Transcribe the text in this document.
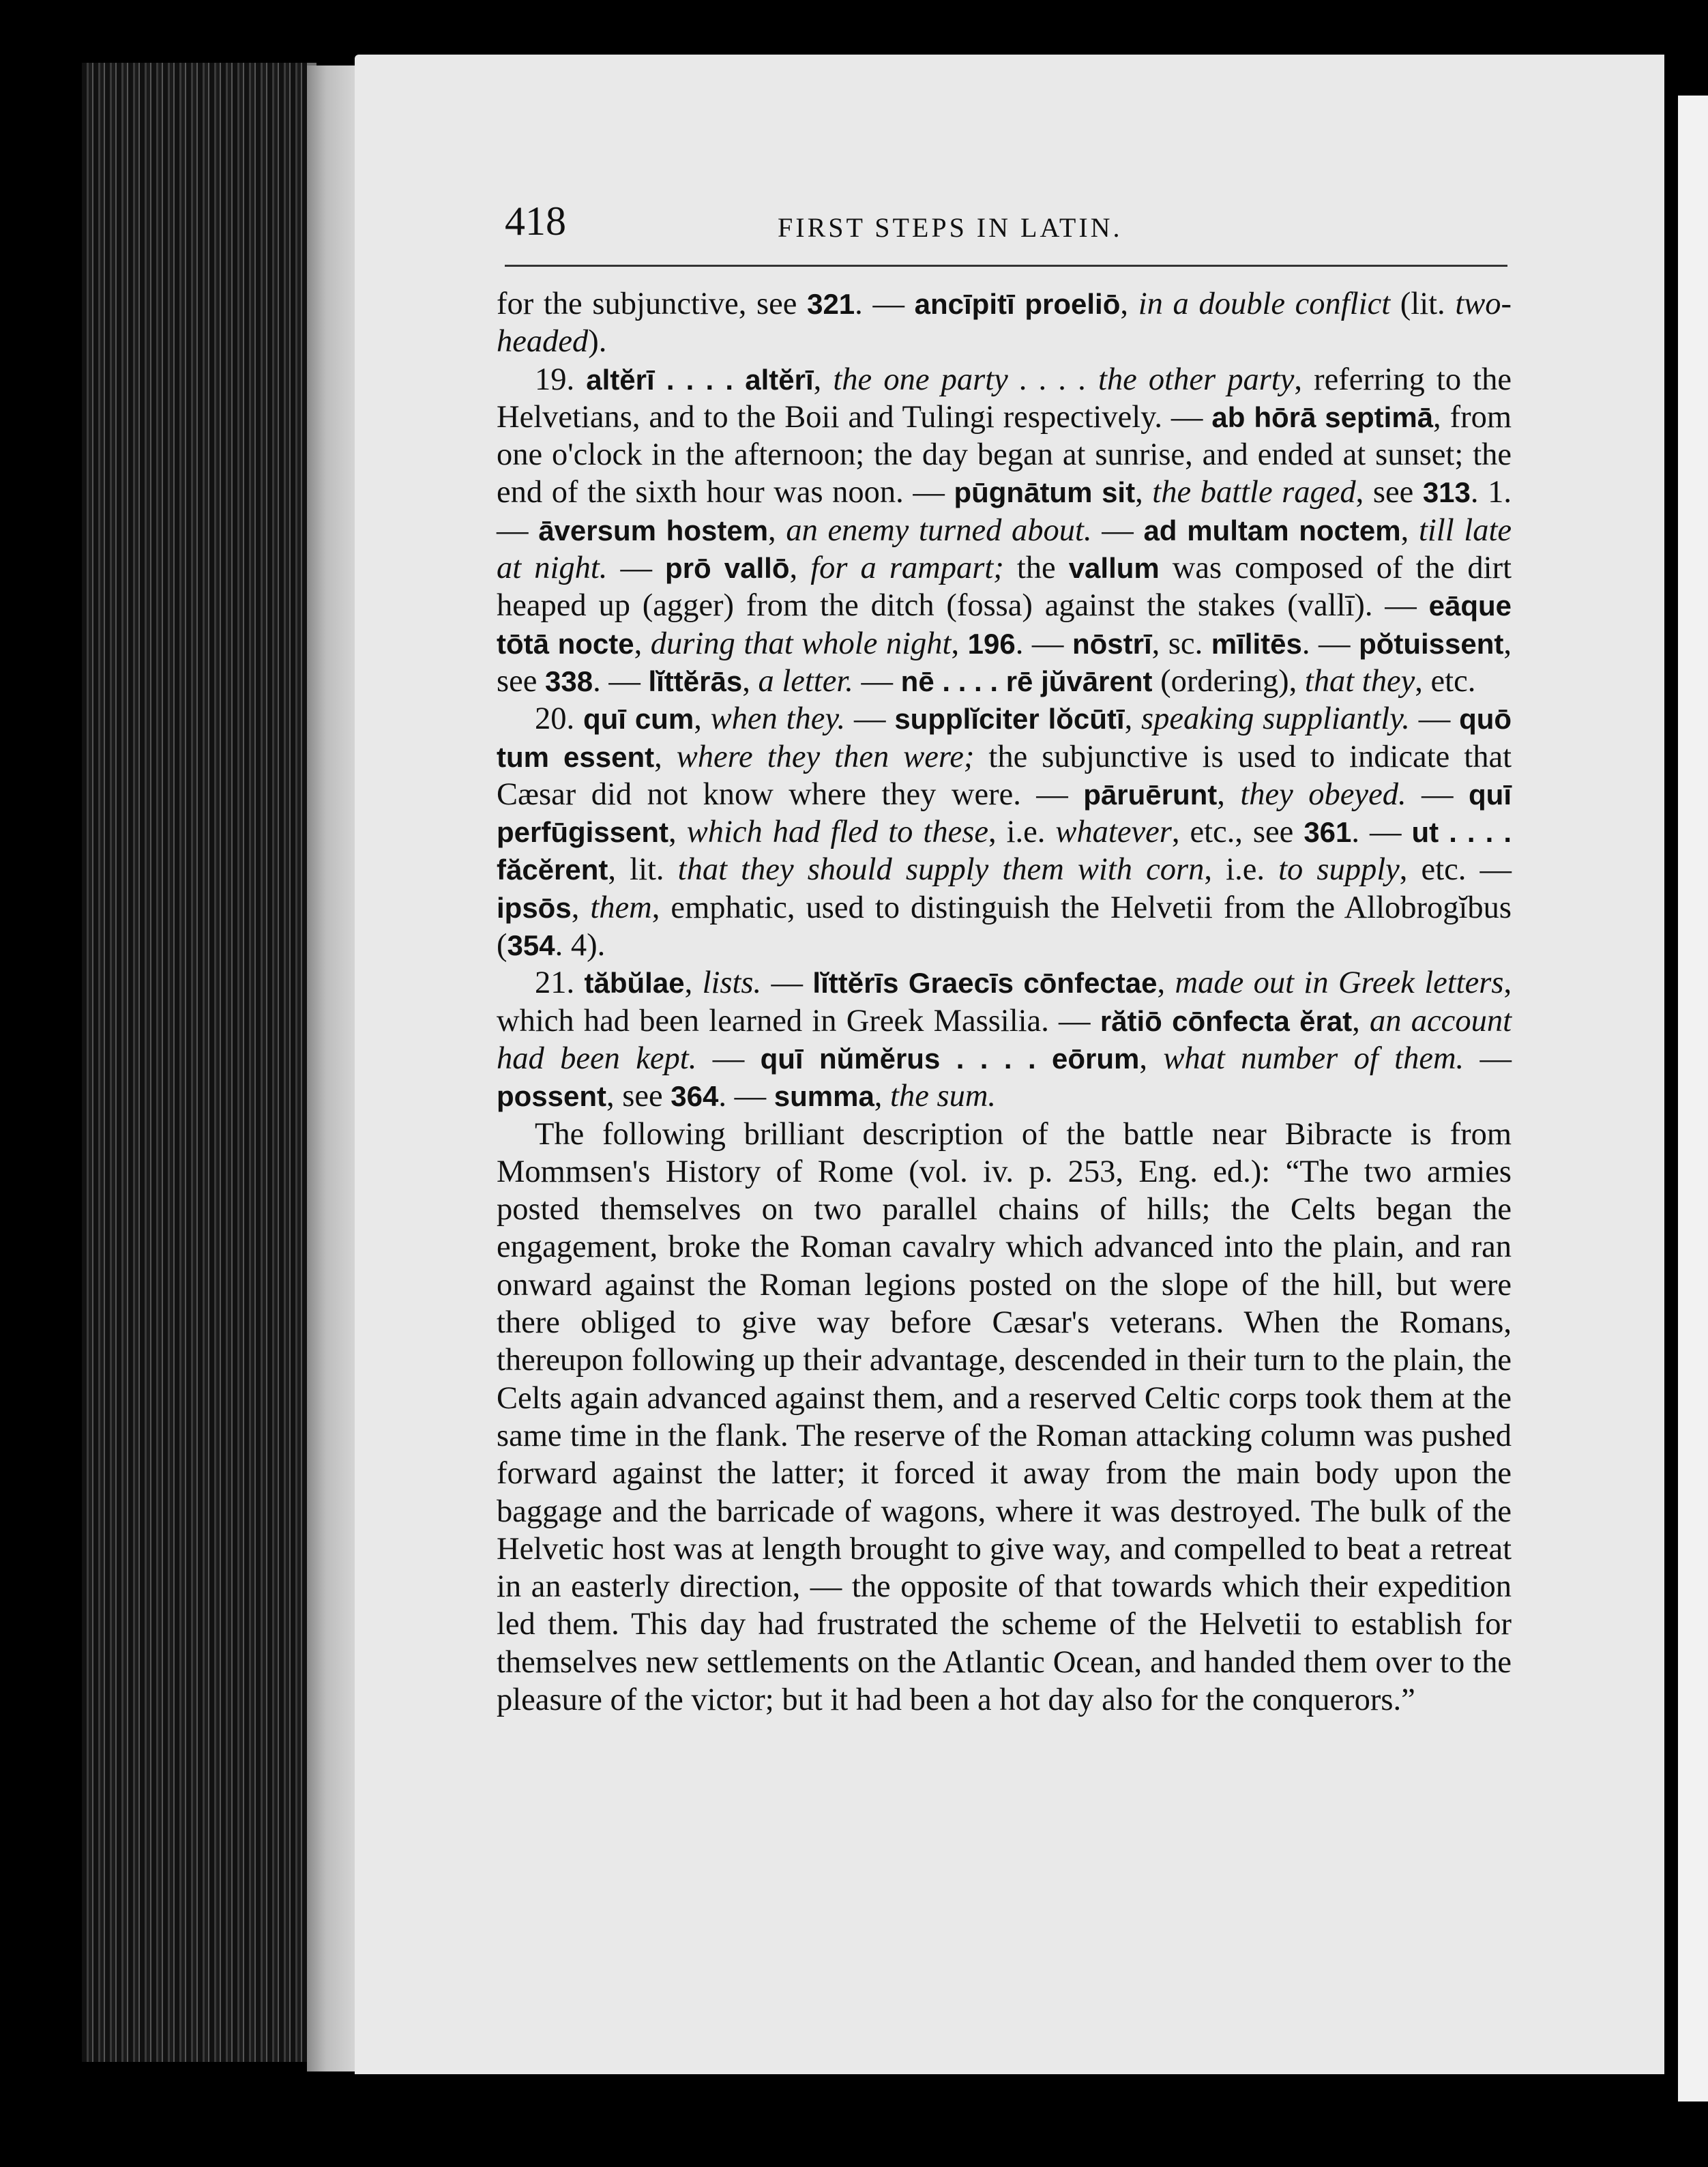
418	FIRST STEPS IN LATIN.

for the subjunctive, see 321. — ancīpitī proeliō, in a double conflict (lit. two-headed).

19. altĕrī . . . . altĕrī, the one party . . . . the other party, referring to the Helvetians, and to the Boii and Tulingi respectively. — ab hōrā septimā, from one o'clock in the afternoon; the day began at sunrise, and ended at sunset; the end of the sixth hour was noon. — pūgnātum sit, the battle raged, see 313. 1. — āversum hostem, an enemy turned about. — ad multam noctem, till late at night. — prō vallō, for a rampart; the vallum was composed of the dirt heaped up (agger) from the ditch (fossa) against the stakes (vallī). — eāque tōtā nocte, during that whole night, 196. — nōstrī, sc. mīlitēs. — pŏtuissent, see 338. — lĭttĕrās, a letter. — nē . . . . rē jŭvārent (ordering), that they, etc.

20. quī cum, when they. — supplĭciter lŏcūtī, speaking suppliantly. — quō tum essent, where they then were; the subjunctive is used to indicate that Cæsar did not know where they were. — pāruērunt, they obeyed. — quī perfūgissent, which had fled to these, i.e. whatever, etc., see 361. — ut . . . . făcĕrent, lit. that they should supply them with corn, i.e. to supply, etc. — ipsōs, them, emphatic, used to distinguish the Helvetii from the Allobrogĭbus (354. 4).

21. tăbŭlae, lists. — lĭttĕrīs Graecīs cōnfectae, made out in Greek letters, which had been learned in Greek Massilia. — rătiō cōnfecta ĕrat, an account had been kept. — quī nŭmĕrus . . . . eōrum, what number of them. — possent, see 364. — summa, the sum.

The following brilliant description of the battle near Bibracte is from Mommsen's History of Rome (vol. iv. p. 253, Eng. ed.): “The two armies posted themselves on two parallel chains of hills; the Celts began the engagement, broke the Roman cavalry which advanced into the plain, and ran onward against the Roman legions posted on the slope of the hill, but were there obliged to give way before Cæsar's veterans. When the Romans, thereupon following up their advantage, descended in their turn to the plain, the Celts again advanced against them, and a reserved Celtic corps took them at the same time in the flank. The reserve of the Roman attacking column was pushed forward against the latter; it forced it away from the main body upon the baggage and the barricade of wagons, where it was destroyed. The bulk of the Helvetic host was at length brought to give way, and compelled to beat a retreat in an easterly direction, — the opposite of that towards which their expedition led them. This day had frustrated the scheme of the Helvetii to establish for themselves new settlements on the Atlantic Ocean, and handed them over to the pleasure of the victor; but it had been a hot day also for the conquerors.”
